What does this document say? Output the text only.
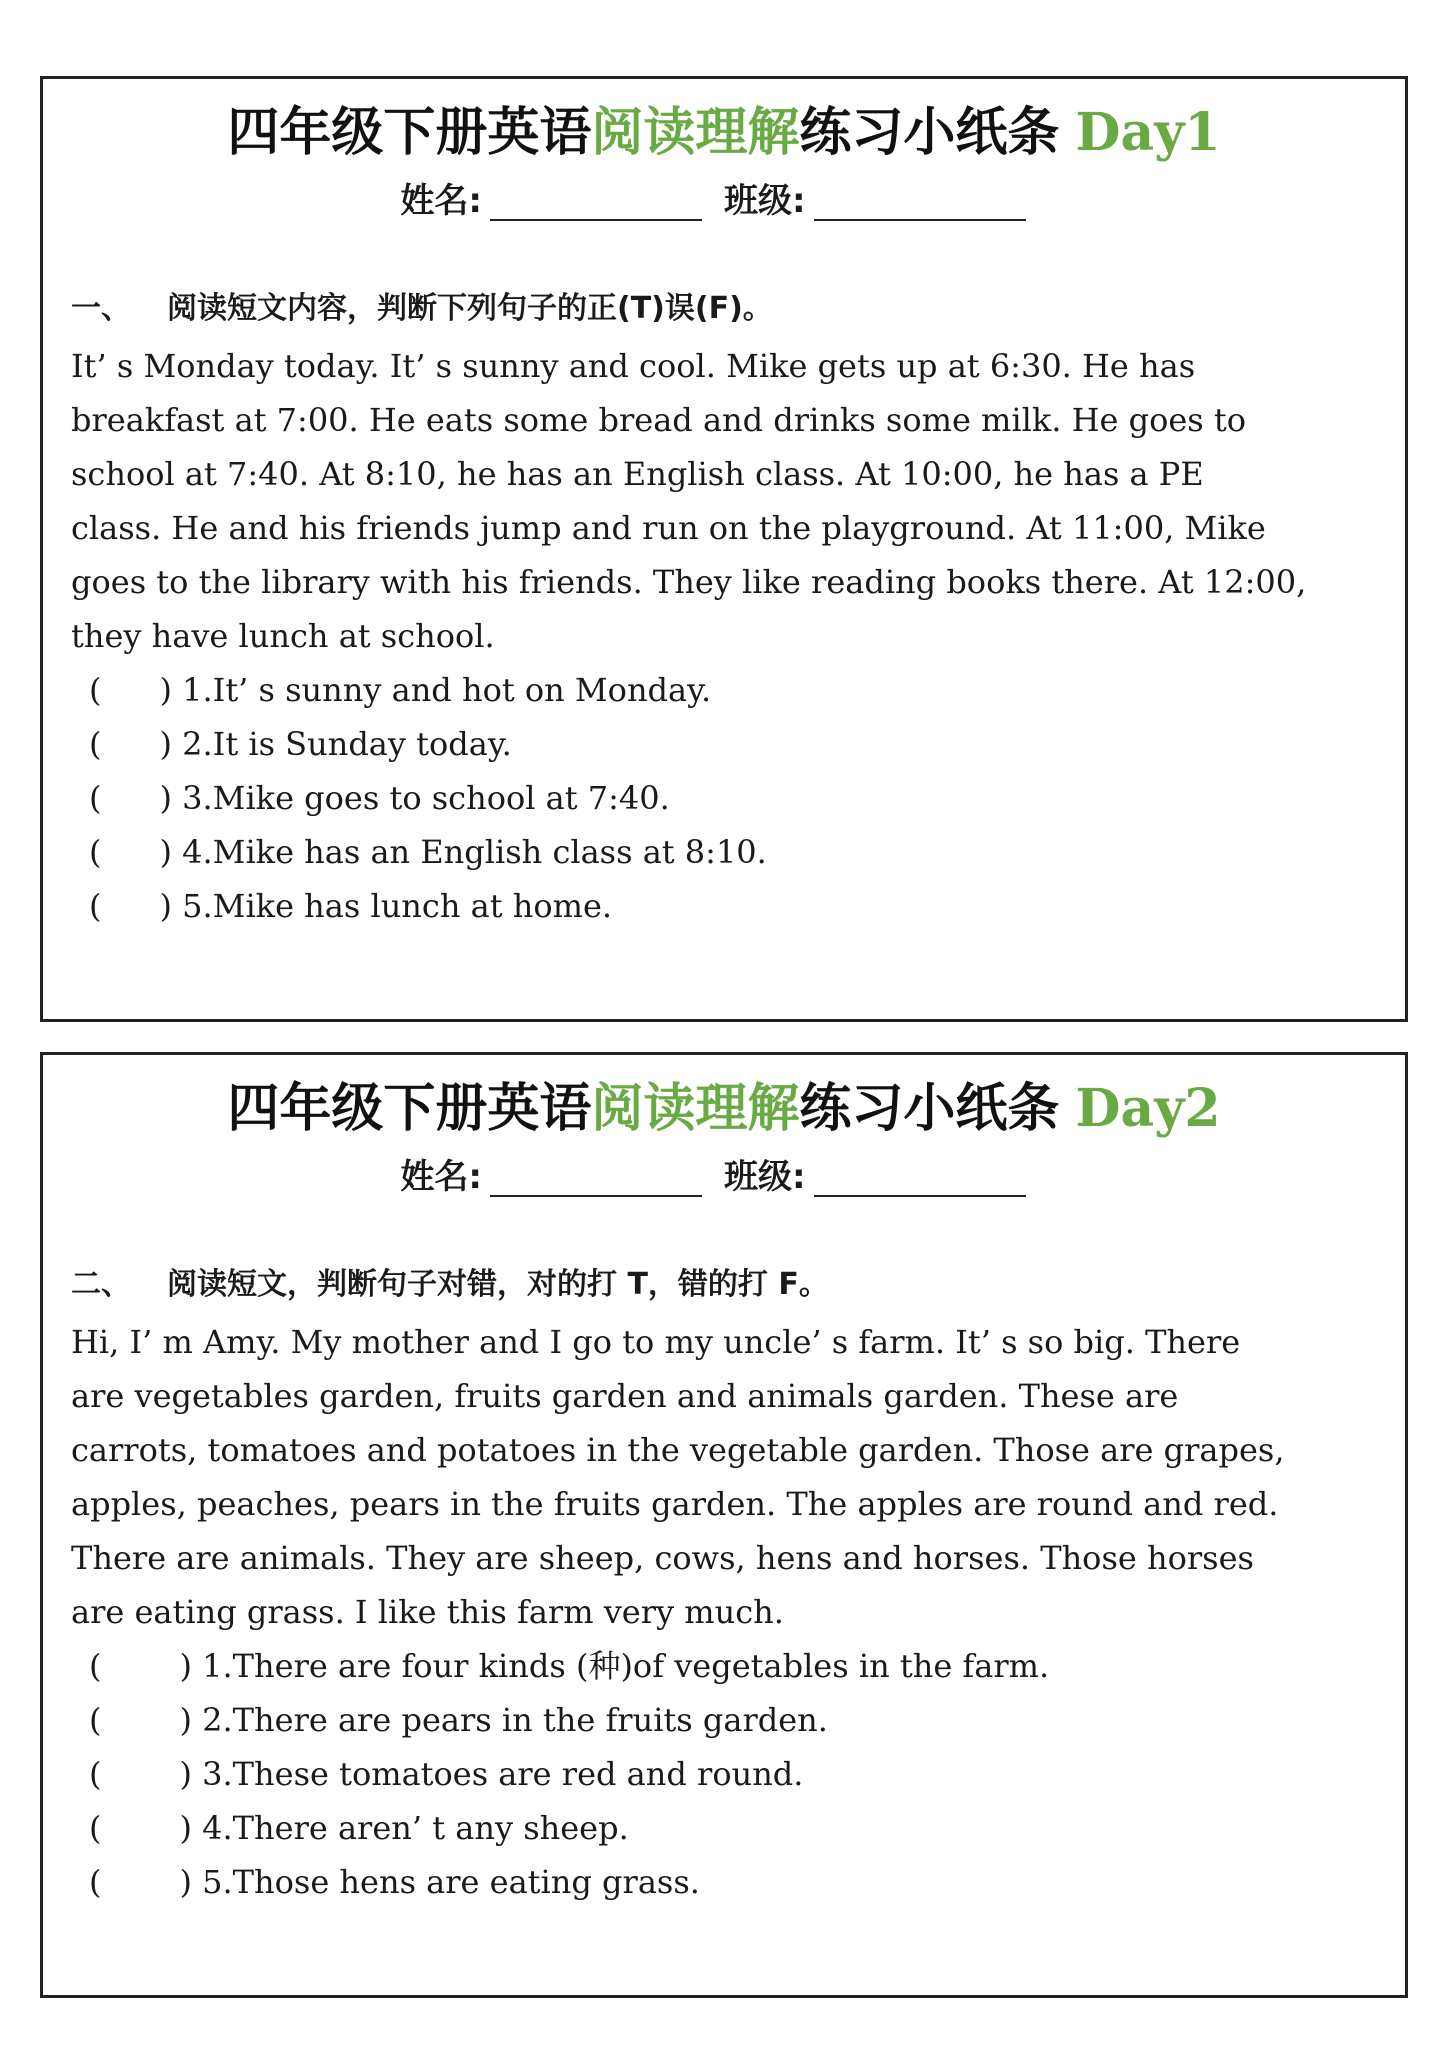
四年级下册英语阅读理解练习小纸条 Day1
姓名:	班级:
一、 阅读短文内容，判断下列句子的正(T)误(F)。

It’ s Monday today. It’ s sunny and cool. Mike gets up at 6:30. He has
breakfast at 7:00. He eats some bread and drinks some milk. He goes to
school at 7:40. At 8:10, he has an English class. At 10:00, he has a PE
class. He and his friends jump and run on the playground. At 11:00, Mike
goes to the library with his friends. They like reading books there. At 12:00,
they have lunch at school.

( ) 1.It’ s sunny and hot on Monday.
( ) 2.It is Sunday today.
( ) 3.Mike goes to school at 7:40.
( ) 4.Mike has an English class at 8:10.
( ) 5.Mike has lunch at home.
四年级下册英语阅读理解练习小纸条 Day2
姓名:	班级:
二、 阅读短文，判断句子对错，对的打 T，错的打 F。

Hi, I’ m Amy. My mother and I go to my uncle’ s farm. It’ s so big. There
are vegetables garden, fruits garden and animals garden. These are
carrots, tomatoes and potatoes in the vegetable garden. Those are grapes,
apples, peaches, pears in the fruits garden. The apples are round and red.
There are animals. They are sheep, cows, hens and horses. Those horses
are eating grass. I like this farm very much.

( ) 1.There are four kinds (种)of vegetables in the farm.
( ) 2.There are pears in the fruits garden.
( ) 3.These tomatoes are red and round.
( ) 4.There aren’ t any sheep.
( ) 5.Those hens are eating grass.
